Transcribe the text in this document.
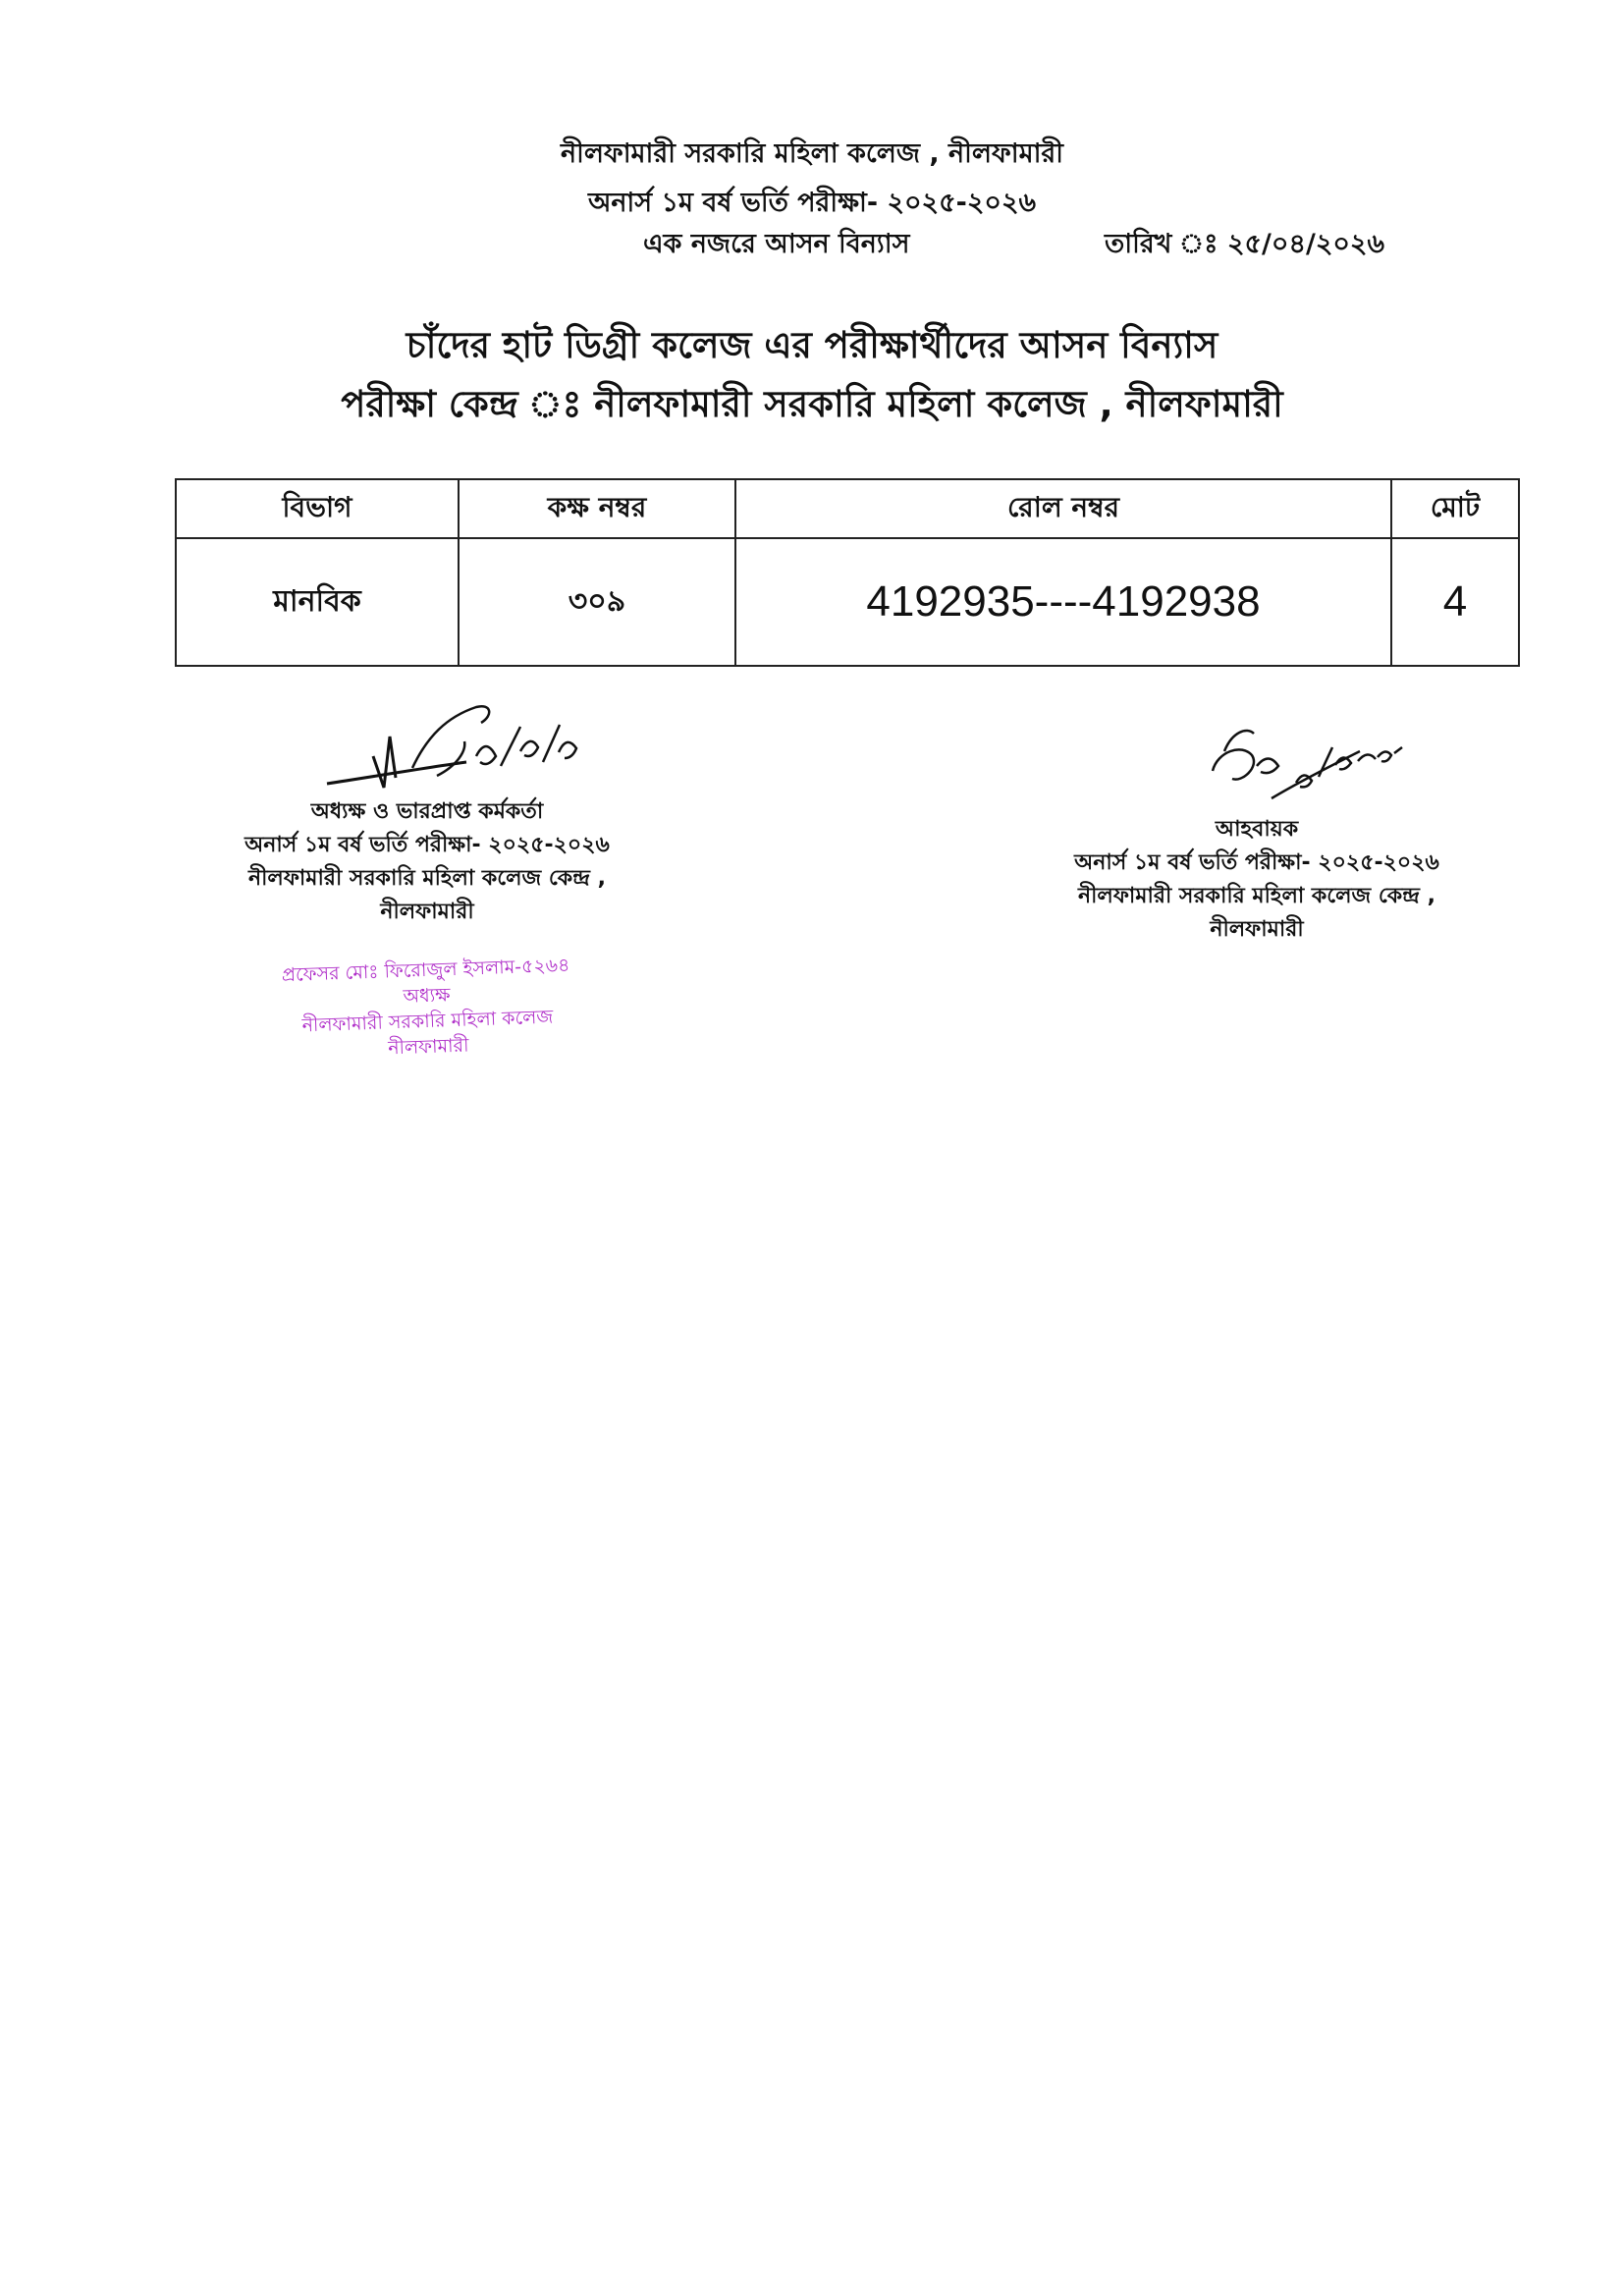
নীলফামারী সরকারি মহিলা কলেজ , নীলফামারী
অনার্স ১ম বর্ষ ভর্তি পরীক্ষা- ২০২৫-২০২৬
এক নজরে আসন বিন্যাস	তারিখ ঃ ২৫/০৪/২০২৬
চাঁদের হাট ডিগ্রী কলেজ এর পরীক্ষার্থীদের আসন বিন্যাস
পরীক্ষা কেন্দ্র ঃ নীলফামারী সরকারি মহিলা কলেজ , নীলফামারী
বিভাগ	কক্ষ নম্বর	রোল নম্বর	মোট
মানবিক	৩০৯	4192935----4192938	4
অধ্যক্ষ ও ভারপ্রাপ্ত কর্মকর্তা
অনার্স ১ম বর্ষ ভর্তি পরীক্ষা- ২০২৫-২০২৬
নীলফামারী সরকারি মহিলা কলেজ কেন্দ্র ,
নীলফামারী
প্রফেসর মোঃ ফিরোজুল ইসলাম-৫২৬৪
অধ্যক্ষ
নীলফামারী সরকারি মহিলা কলেজ
নীলফামারী
আহবায়ক
অনার্স ১ম বর্ষ ভর্তি পরীক্ষা- ২০২৫-২০২৬
নীলফামারী সরকারি মহিলা কলেজ কেন্দ্র ,
নীলফামারী
